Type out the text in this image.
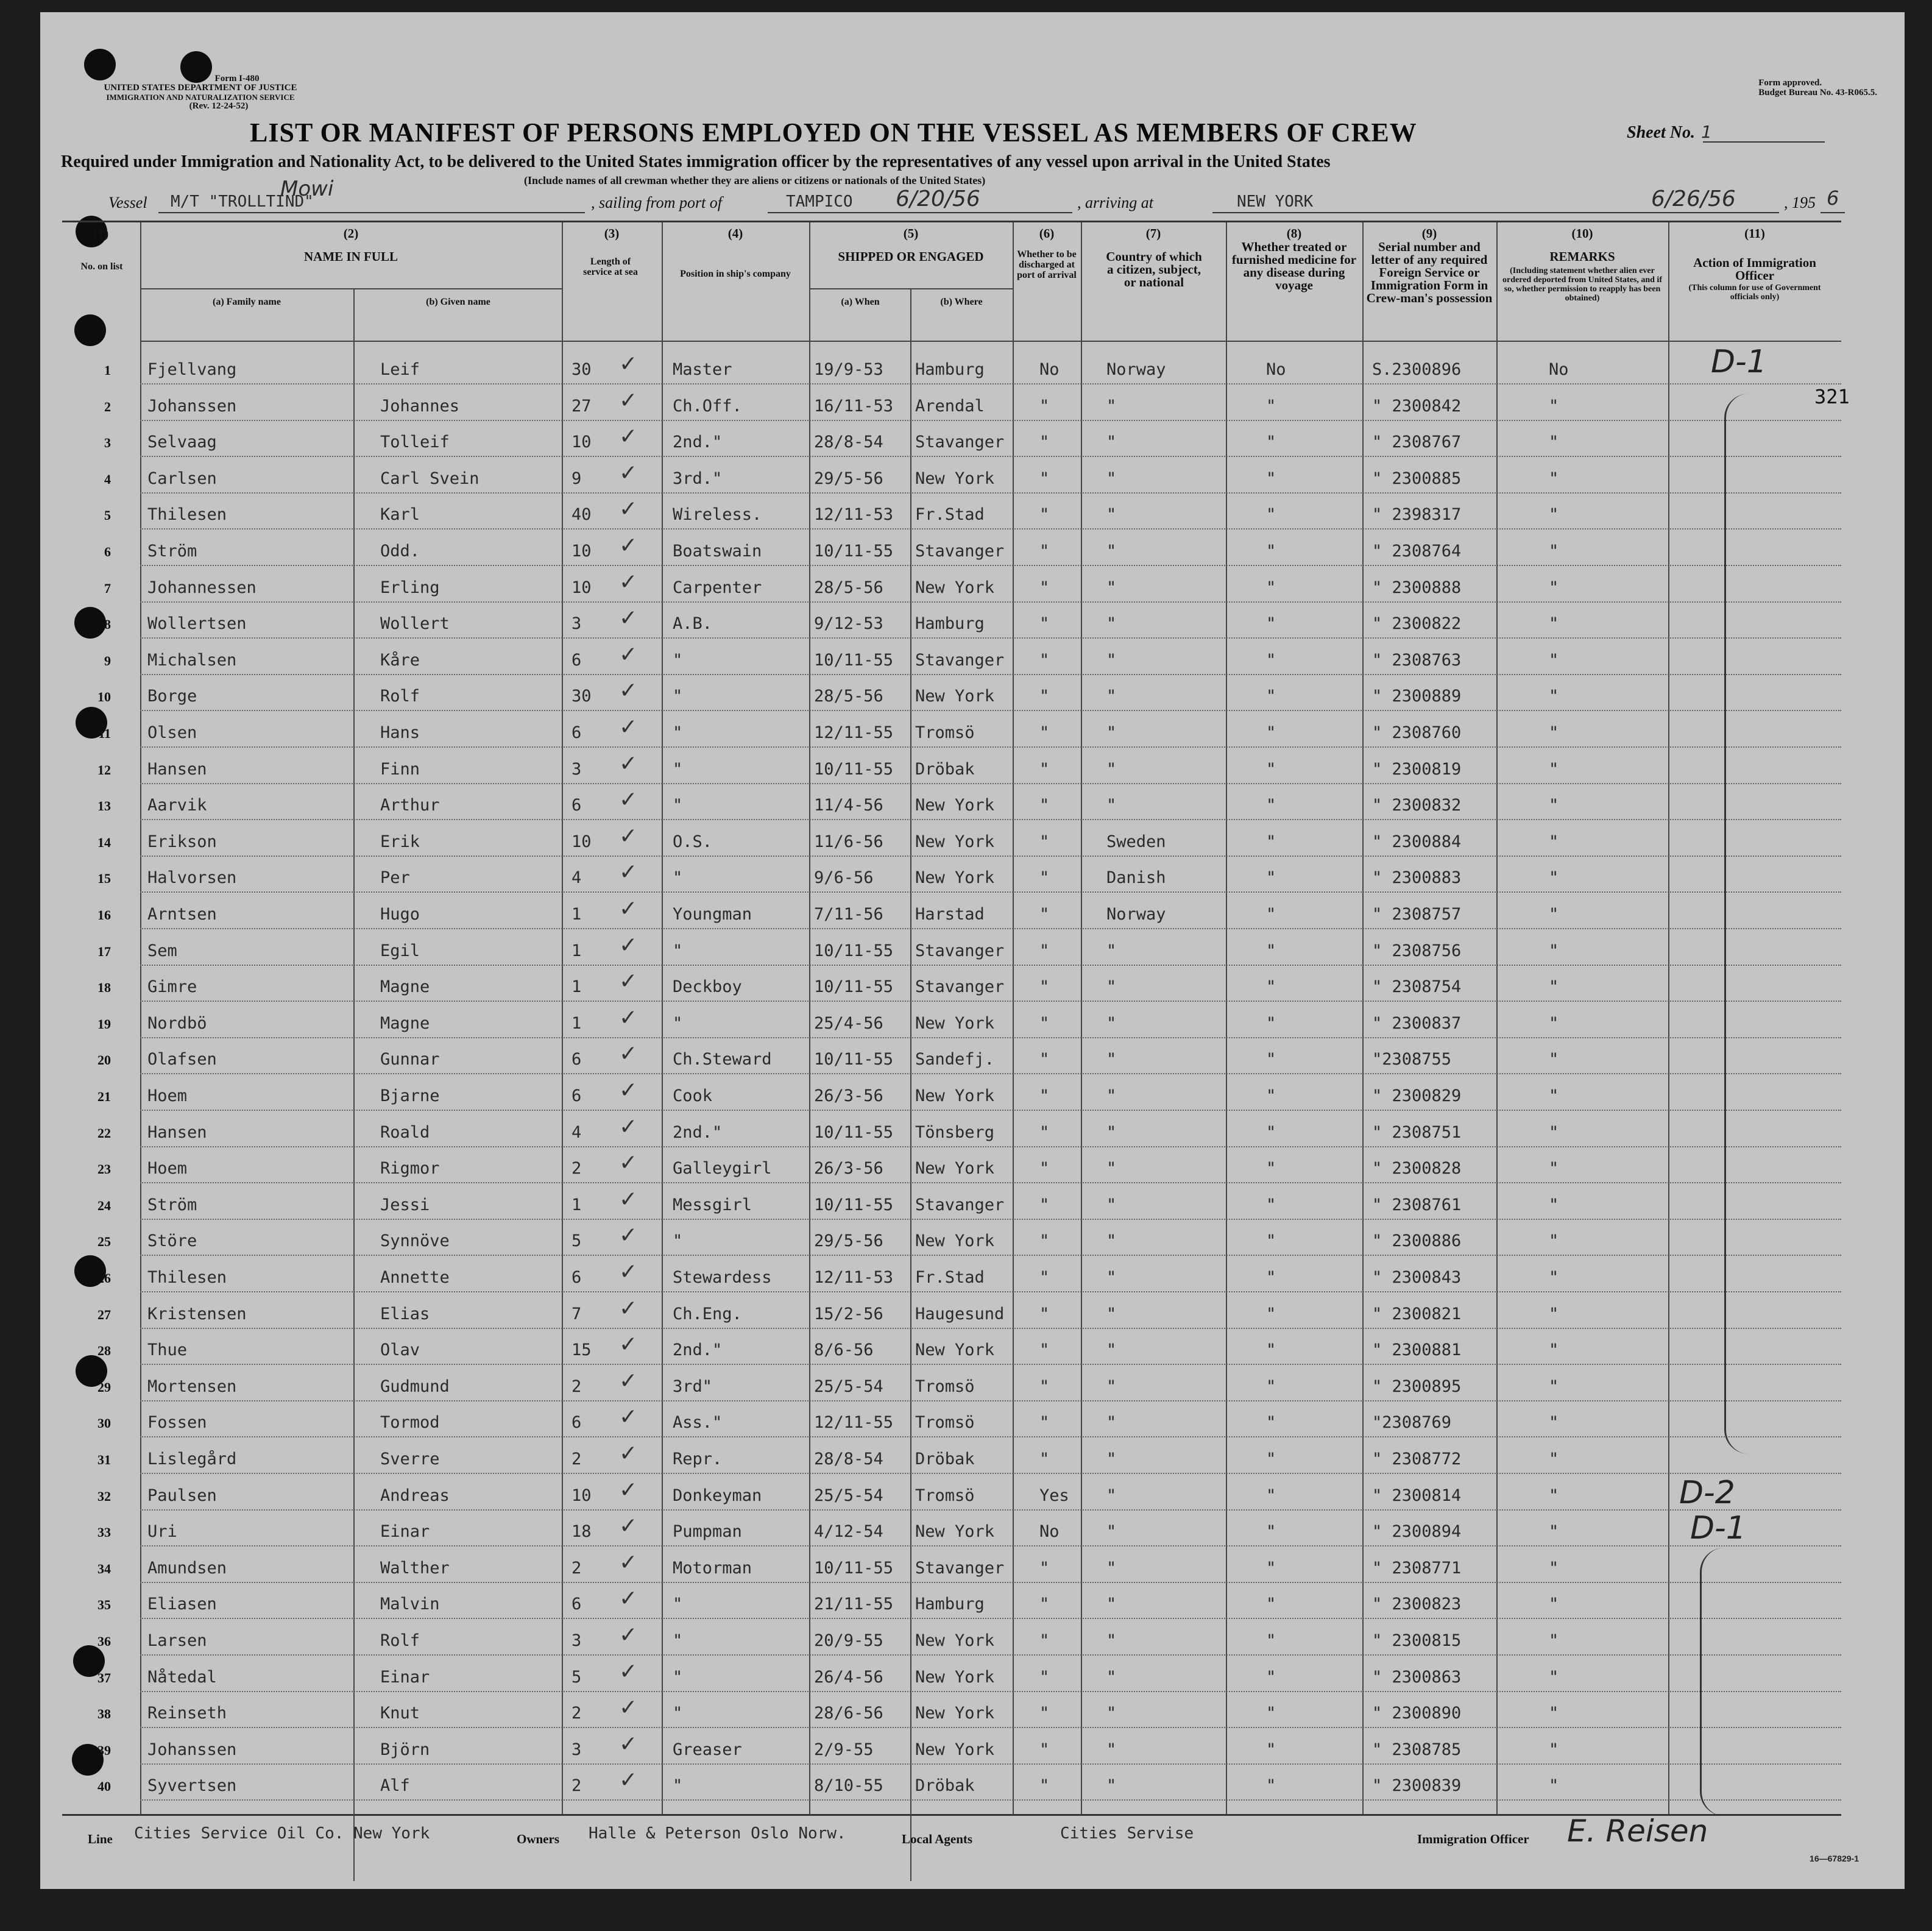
Form I-480
UNITED STATES DEPARTMENT OF JUSTICE
IMMIGRATION AND NATURALIZATION SERVICE
(Rev. 12-24-52)
Form approved.
Budget Bureau No. 43-R065.5.
LIST OR MANIFEST OF PERSONS EMPLOYED ON THE VESSEL AS MEMBERS OF CREW	Sheet No. 1
Required under Immigration and Nationality Act, to be delivered to the United States immigration officer by the representatives of any vessel upon arrival in the United States
(Include names of all crewman whether they are aliens or citizens or nationals of the United States)
Vessel M/T "TROLLTIND"
Mowi
, sailing from port of	TAMPICO 6/20/56	, arriving at	NEW YORK	6/26/56	, 195 6
(1)
No. on list
(2)
NAME IN FULL
(a) Family name	(b) Given name
(3)
Length of service at sea
(4)
Position in ship's company
(5)
SHIPPED OR ENGAGED
(a) When	(b) Where
(6)
Whether to be discharged at port of arrival
(7)
Country of which a citizen, subject, or national
(8)
Whether treated or furnished medicine for any disease during voyage
(9)
Serial number and letter of any required Foreign Service or Immigration Form in Crew-man's possession
(10)
REMARKS
(Including statement whether alien ever ordered deported from United States, and if so, whether permission to reapply has been obtained)
(11)
Action of Immigration Officer
(This column for use of Government officials only)
1 Fjellvang	Leif	30	Master	19/9-53 Hamburg	No	Norway	No	S.2300896	No
✓
2 Johanssen	Johannes	27	Ch.Off.	16/11-53 Arendal	"	"	"	" 2300842	"
✓
3 Selvaag	Tolleif	10	2nd."	28/8-54 Stavanger "	"	"	" 2308767	"
✓
4 Carlsen	Carl Svein	9	3rd."	29/5-56 New York	"	"	"	" 2300885	"
✓
5 Thilesen	Karl	40	Wireless.	12/11-53 Fr.Stad	"	"	"	" 2398317	"
✓
6 Ström	Odd.	10	Boatswain	10/11-55 Stavanger "	"	"	" 2308764	"
✓
7 Johannessen	Erling	10	Carpenter	28/5-56 New York	"	"	"	" 2300888	"
✓
8 Wollertsen	Wollert	3	A.B.	9/12-53 Hamburg	"	"	"	" 2300822	"
✓
9 Michalsen	Kåre	6	"	10/11-55 Stavanger "	"	"	" 2308763	"
✓
10 Borge	Rolf	30	"	28/5-56 New York	"	"	"	" 2300889	"
✓
11 Olsen	Hans	6	"	12/11-55 Tromsö	"	"	"	" 2308760	"
✓
12 Hansen	Finn	3	"	10/11-55 Dröbak	"	"	"	" 2300819	"
✓
13 Aarvik	Arthur	6	"	11/4-56 New York	"	"	"	" 2300832	"
✓
14 Erikson	Erik	10	O.S.	11/6-56 New York	"	Sweden	"	" 2300884	"
✓
15 Halvorsen	Per	4	"	9/6-56	New York	"	Danish	"	" 2300883	"
✓
16 Arntsen	Hugo	1	Youngman	7/11-56 Harstad	"	Norway	"	" 2308757	"
✓
17 Sem	Egil	1	"	10/11-55 Stavanger "	"	"	" 2308756	"
✓
18 Gimre	Magne	1	Deckboy	10/11-55 Stavanger "	"	"	" 2308754	"
✓
19 Nordbö	Magne	1	"	25/4-56 New York	"	"	"	" 2300837	"
✓
20 Olafsen	Gunnar	6	Ch.Steward	10/11-55 Sandefj.	"	"	"	"2308755	"
✓
21 Hoem	Bjarne	6	Cook	26/3-56 New York	"	"	"	" 2300829	"
✓
22 Hansen	Roald	4	2nd."	10/11-55 Tönsberg	"	"	"	" 2308751	"
✓
23 Hoem	Rigmor	2	Galleygirl	26/3-56 New York	"	"	"	" 2300828	"
✓
24 Ström	Jessi	1	Messgirl	10/11-55 Stavanger "	"	"	" 2308761	"
✓
25 Störe	Synnöve	5	"	29/5-56 New York	"	"	"	" 2300886	"
✓
26 Thilesen	Annette	6	Stewardess	12/11-53 Fr.Stad	"	"	"	" 2300843	"
✓
27 Kristensen	Elias	7	Ch.Eng.	15/2-56 Haugesund "	"	"	" 2300821	"
✓
28 Thue	Olav	15	2nd."	8/6-56	New York	"	"	"	" 2300881	"
✓
29 Mortensen	Gudmund	2	3rd"	25/5-54 Tromsö	"	"	"	" 2300895	"
✓
30 Fossen	Tormod	6	Ass."	12/11-55 Tromsö	"	"	"	"2308769	"
✓
31 Lislegård	Sverre	2	Repr.	28/8-54 Dröbak	"	"	"	" 2308772	"
✓
32 Paulsen	Andreas	10	Donkeyman	25/5-54 Tromsö	Yes "	"	" 2300814	"
✓
33 Uri	Einar	18	Pumpman	4/12-54 New York	No	"	"	" 2300894	"
✓
34 Amundsen	Walther	2	Motorman	10/11-55 Stavanger "	"	"	" 2308771	"
✓
35 Eliasen	Malvin	6	"	21/11-55 Hamburg	"	"	"	" 2300823	"
✓
36 Larsen	Rolf	3	"	20/9-55 New York	"	"	"	" 2300815	"
✓
37 Nåtedal	Einar	5	"	26/4-56 New York	"	"	"	" 2300863	"
✓
38 Reinseth	Knut	2	"	28/6-56 New York	"	"	"	" 2300890	"
✓
39 Johanssen	Björn	3	Greaser	2/9-55	New York	"	"	"	" 2308785	"
✓
40 Syvertsen	Alf	2	"	8/10-55 Dröbak	"	"	"	" 2300839	"
✓
321
D-1
D-2
D-1
Line Cities Service Oil Co. New York	Owners Halle & Peterson Oslo Norw.	Local Agents	Cities Servise	Immigration Officer E. Reisen
16—67829-1
